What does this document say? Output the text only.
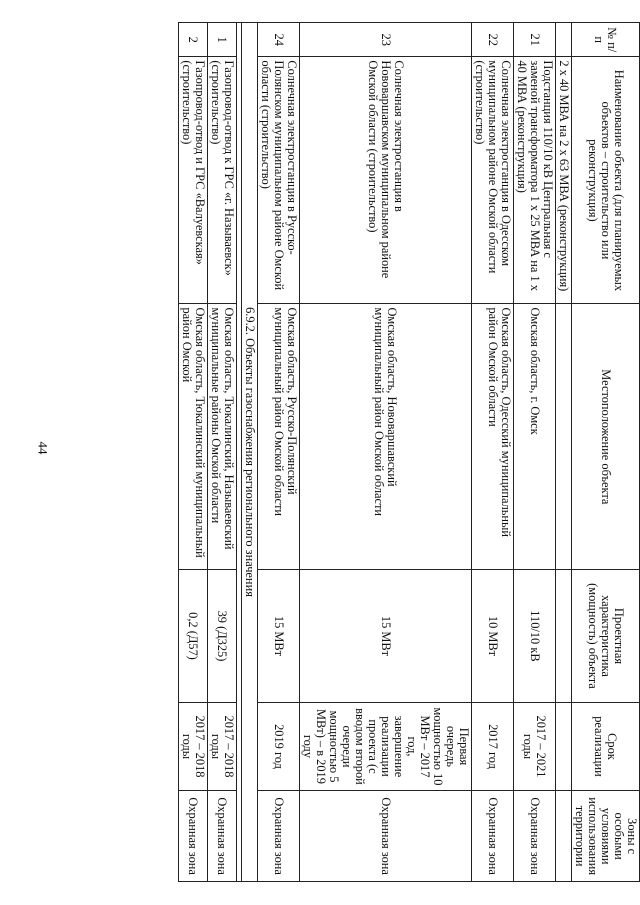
44
№ п/п	Наименование объекта (для планируемых объектов – строительство или реконструкция)	Местоположение объекта	Проектная характеристика (мощность) объекта	Срок реализации	Зоны с особыми условиями использования территории
	2 х 40 МВА на 2 х 63 МВА (реконструкция)				
21	Подстанция 110/10 кВ Центральная с заменой трансформатора 1 х 25 МВА на 1 х 40 МВА (реконструкция)	Омская область, г. Омск	110/10 кВ	2017 – 2021 годы	Охранная зона
22	Солнечная электростанция в Одесском муниципальном районе Омской области (строительство)	Омская область, Одесский муниципальный район Омской области	10 МВт	2017 год	Охранная зона
23	Солнечная электростанция в Нововаршавском муниципальном районе Омской области (строительство)	Омская область, Нововаршавский муниципальный район Омской области	15 МВт	Первая очередь мощностью 10 МВт – 2017 год, завершение реализации проекта (с вводом второй очереди мощностью 5 МВт) – в 2019 году	Охранная зона
24	Солнечная электростанция в Русско-Полянском муниципальном районе Омской области (строительство)	Омская область, Русско-Полянский муниципальный район Омской области	15 МВт	2019 год	Охранная зона
6.9.2. Объекты газоснабжения регионального значения					

1	Газопровод-отвод к ГРС «г. Называевск» (строительство)	Омская область, Тюкалинский, Называевский муниципальные районы Омской области	39 (Д325)	2017 – 2018 годы	Охранная зона
2	Газопровод-отвод и ГРС «Валуевская» (строительство)	Омская область, Тюкалинский муниципальный район Омской	0,2 (Д57)	2017 – 2018 годы	Охранная зона
